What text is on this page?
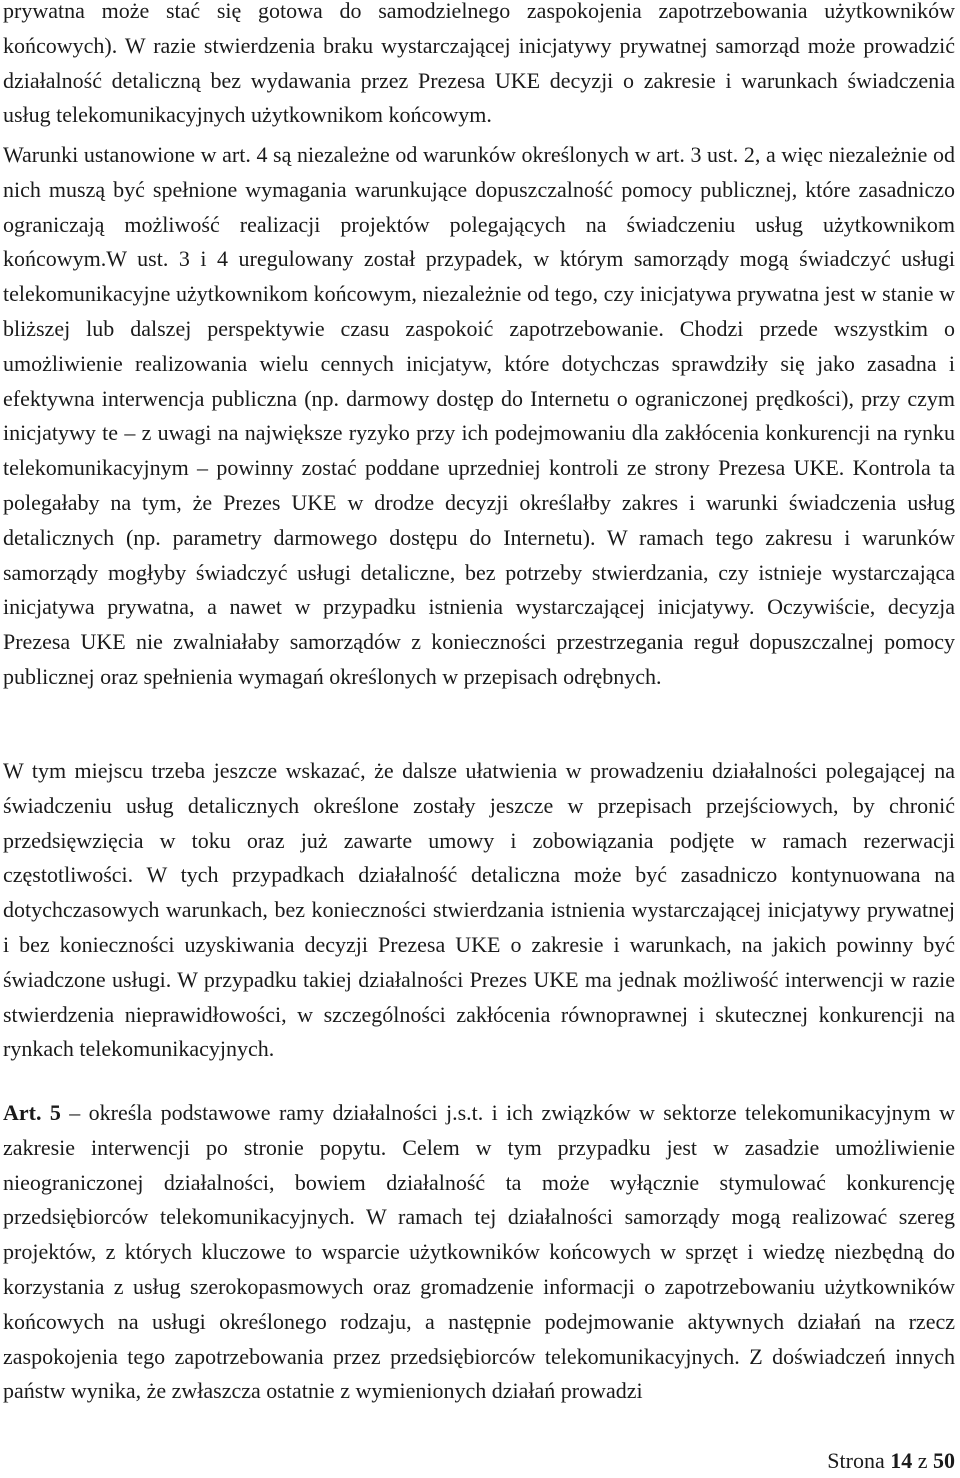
prywatna może stać się gotowa do samodzielnego zaspokojenia zapotrzebowania użytkowników końcowych). W razie stwierdzenia braku wystarczającej inicjatywy prywatnej samorząd może prowadzić działalność detaliczną bez wydawania przez Prezesa UKE decyzji o zakresie i warunkach świadczenia usług telekomunikacyjnych użytkownikom końcowym.

Warunki ustanowione w art. 4 są niezależne od warunków określonych w art. 3 ust. 2, a więc niezależnie od nich muszą być spełnione wymagania warunkujące dopuszczalność pomocy publicznej, które zasadniczo ograniczają możliwość realizacji projektów polegających na świadczeniu usług użytkownikom końcowym.W ust. 3 i 4 uregulowany został przypadek, w którym samorządy mogą świadczyć usługi telekomunikacyjne użytkownikom końcowym, niezależnie od tego, czy inicjatywa prywatna jest w stanie w bliższej lub dalszej perspektywie czasu zaspokoić zapotrzebowanie. Chodzi przede wszystkim o umożliwienie realizowania wielu cennych inicjatyw, które dotychczas sprawdziły się jako zasadna i efektywna interwencja publiczna (np. darmowy dostęp do Internetu o ograniczonej prędkości), przy czym inicjatywy te – z uwagi na największe ryzyko przy ich podejmowaniu dla zakłócenia konkurencji na rynku telekomunikacyjnym – powinny zostać poddane uprzedniej kontroli ze strony Prezesa UKE. Kontrola ta polegałaby na tym, że Prezes UKE w drodze decyzji określałby zakres i warunki świadczenia usług detalicznych (np. parametry darmowego dostępu do Internetu). W ramach tego zakresu i warunków samorządy mogłyby świadczyć usługi detaliczne, bez potrzeby stwierdzania, czy istnieje wystarczająca inicjatywa prywatna, a nawet w przypadku istnienia wystarczającej inicjatywy. Oczywiście, decyzja Prezesa UKE nie zwalniałaby samorządów z konieczności przestrzegania reguł dopuszczalnej pomocy publicznej oraz spełnienia wymagań określonych w przepisach odrębnych.

W tym miejscu trzeba jeszcze wskazać, że dalsze ułatwienia w prowadzeniu działalności polegającej na świadczeniu usług detalicznych określone zostały jeszcze w przepisach przejściowych, by chronić przedsięwzięcia w toku oraz już zawarte umowy i zobowiązania podjęte w ramach rezerwacji częstotliwości. W tych przypadkach działalność detaliczna może być zasadniczo kontynuowana na dotychczasowych warunkach, bez konieczności stwierdzania istnienia wystarczającej inicjatywy prywatnej i bez konieczności uzyskiwania decyzji Prezesa UKE o zakresie i warunkach, na jakich powinny być świadczone usługi. W przypadku takiej działalności Prezes UKE ma jednak możliwość interwencji w razie stwierdzenia nieprawidłowości, w szczególności zakłócenia równoprawnej i skutecznej konkurencji na rynkach telekomunikacyjnych.

Art. 5 – określa podstawowe ramy działalności j.s.t. i ich związków w sektorze telekomunikacyjnym w zakresie interwencji po stronie popytu. Celem w tym przypadku jest w zasadzie umożliwienie nieograniczonej działalności, bowiem działalność ta może wyłącznie stymulować konkurencję przedsiębiorców telekomunikacyjnych. W ramach tej działalności samorządy mogą realizować szereg projektów, z których kluczowe to wsparcie użytkowników końcowych w sprzęt i wiedzę niezbędną do korzystania z usług szerokopasmowych oraz gromadzenie informacji o zapotrzebowaniu użytkowników końcowych na usługi określonego rodzaju, a następnie podejmowanie aktywnych działań na rzecz zaspokojenia tego zapotrzebowania przez przedsiębiorców telekomunikacyjnych. Z doświadczeń innych państw wynika, że zwłaszcza ostatnie z wymienionych działań prowadzi

Strona 14 z 50
